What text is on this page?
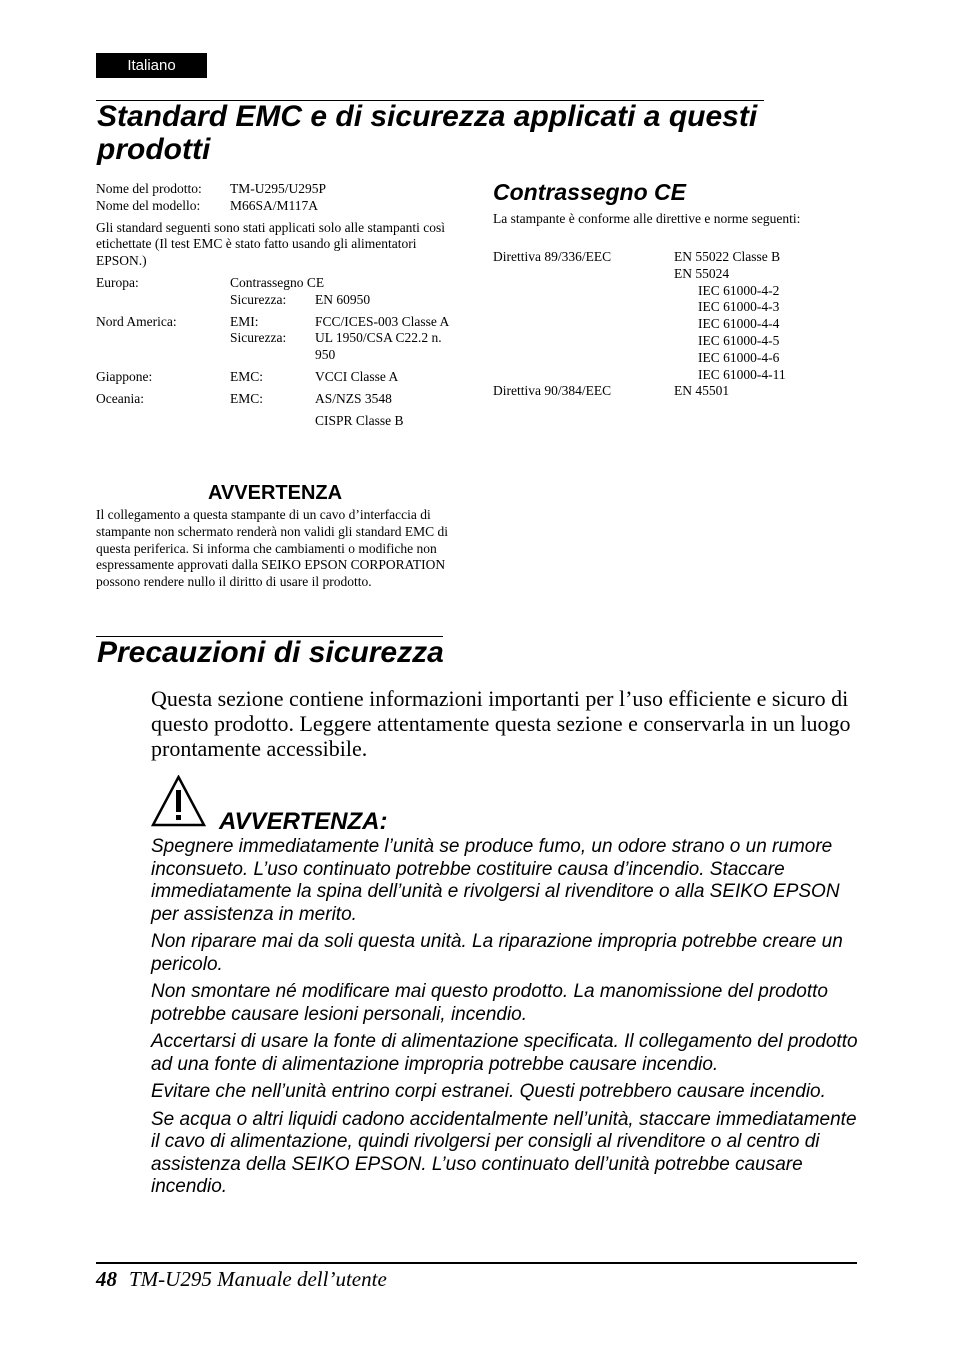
Italiano
Standard EMC e di sicurezza applicati a questi prodotti
Nome del prodotto:	TM-U295/U295P
Nome del modello:	M66SA/M117A
Gli standard seguenti sono stati applicati solo alle stampanti così etichettate (Il test EMC è stato fatto usando gli alimentatori EPSON.)
Europa:	Contrassegno CE	
	Sicurezza:	EN 60950

Nord America:	EMI:	FCC/ICES-003 Classe A
	Sicurezza:	UL 1950/CSA C22.2 n. 950

Giappone:	EMC:	VCCI Classe A

Oceania:	EMC:	AS/NZS 3548

		CISPR Classe B
AVVERTENZA
Il collegamento a questa stampante di un cavo d’interfaccia di stampante non schermato renderà non validi gli standard EMC di questa periferica. Si informa che cambiamenti o modifiche non espressamente approvati dalla SEIKO EPSON CORPORATION possono rendere nullo il diritto di usare il prodotto.
Contrassegno CE
La stampante è conforme alle direttive e norme seguenti:
Direttiva 89/336/EEC	EN 55022 Classe B	
	EN 55024	
		IEC 61000-4-2
		IEC 61000-4-3
		IEC 61000-4-4
		IEC 61000-4-5
		IEC 61000-4-6
		IEC 61000-4-11
Direttiva 90/384/EEC	EN 45501	
Precauzioni di sicurezza
Questa sezione contiene informazioni importanti per l’uso efficiente e sicuro di questo prodotto. Leggere attentamente questa sezione e conservarla in un luogo prontamente accessibile.
AVVERTENZA:

Spegnere immediatamente l’unità se produce fumo, un odore strano o un rumore inconsueto. L’uso continuato potrebbe costituire causa d’incendio. Staccare immediatamente la spina dell’unità e rivolgersi al rivenditore o alla SEIKO EPSON per assistenza in merito.

Non riparare mai da soli questa unità. La riparazione impropria potrebbe creare un pericolo.

Non smontare né modificare mai questo prodotto. La manomissione del prodotto potrebbe causare lesioni personali, incendio.

Accertarsi di usare la fonte di alimentazione specificata. Il collegamento del prodotto ad una fonte di alimentazione impropria potrebbe causare incendio.

Evitare che nell’unità entrino corpi estranei. Questi potrebbero causare incendio.

Se acqua o altri liquidi cadono accidentalmente nell’unità, staccare immediatamente il cavo di alimentazione, quindi rivolgersi per consigli al rivenditore o al centro di assistenza della SEIKO EPSON. L’uso continuato dell’unità potrebbe causare incendio.

48 TM-U295 Manuale dell’utente
